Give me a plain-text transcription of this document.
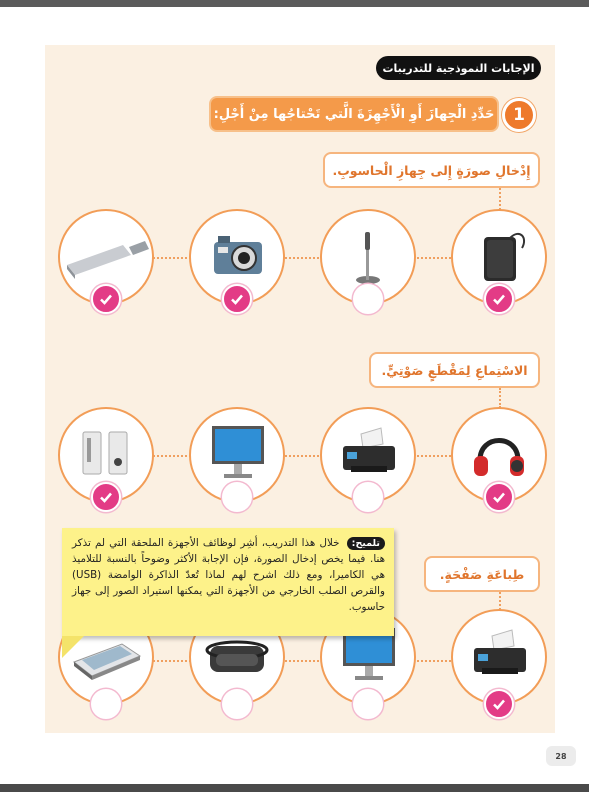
الإجابات النموذجية للتدريبات
حَدِّدِ الْجِهازَ أَوِ الْأَجْهِزَةَ الَّتي تَحْتاجُها مِنْ أَجْلِ:	1
إِدْخالِ صورَةٍ إِلى جِهازِ الْحاسوبِ.
الاسْتِماعِ لِمَقْطَعٍ صَوْتِيٍّ.
طِباعَةِ صَفْحَةٍ.
تلميح: خلال هذا التدريب، أشِر لوظائف الأجهزة الملحقة التي لم تذكر هنا. فيما يخص إدخال الصورة، فإن الإجابة الأكثر وضوحاً بالنسبة للتلاميذ هي الكاميرا، ومع ذلك اشرح لهم لماذا تُعدّ الذاكرة الوامضة (USB) والقرص الصلب الخارجي من الأجهزة التي يمكنها استيراد الصور إلى جهاز حاسوب.
28
